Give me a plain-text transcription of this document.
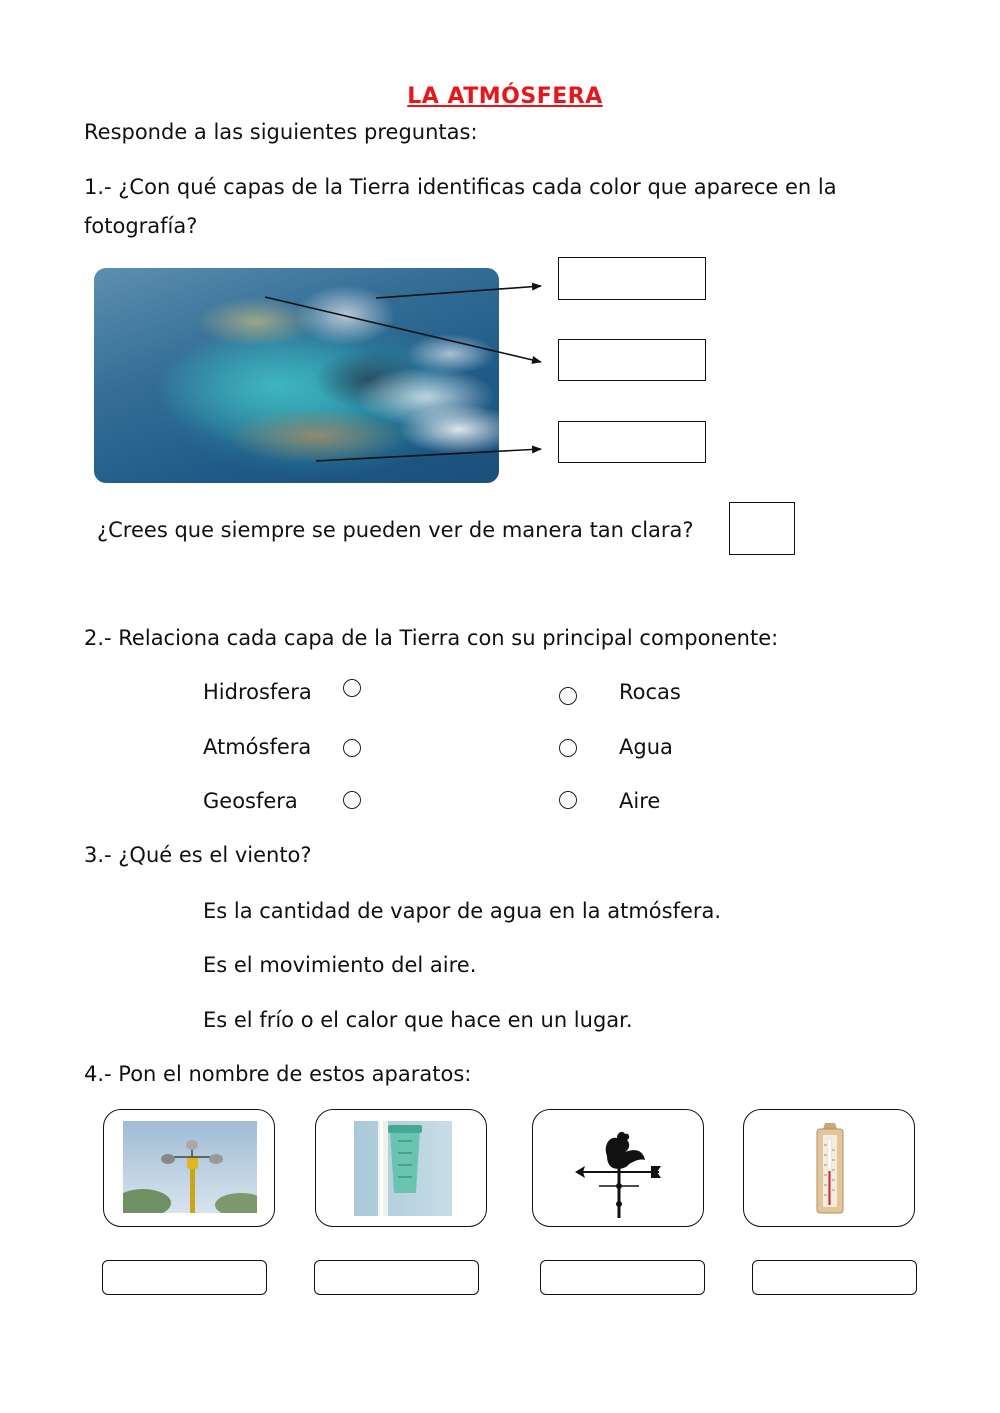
LA ATMÓSFERA
Responde a las siguientes preguntas:
1.- ¿Con qué capas de la Tierra identificas cada color que aparece en la
fotografía?
¿Crees que siempre se pueden ver de manera tan clara?
2.- Relaciona cada capa de la Tierra con su principal componente:
Hidrosfera	Rocas
Atmósfera	Agua
Geosfera	Aire
3.- ¿Qué es el viento?
Es la cantidad de vapor de agua en la atmósfera.
Es el movimiento del aire.
Es el frío o el calor que hace en un lugar.
4.- Pon el nombre de estos aparatos:
